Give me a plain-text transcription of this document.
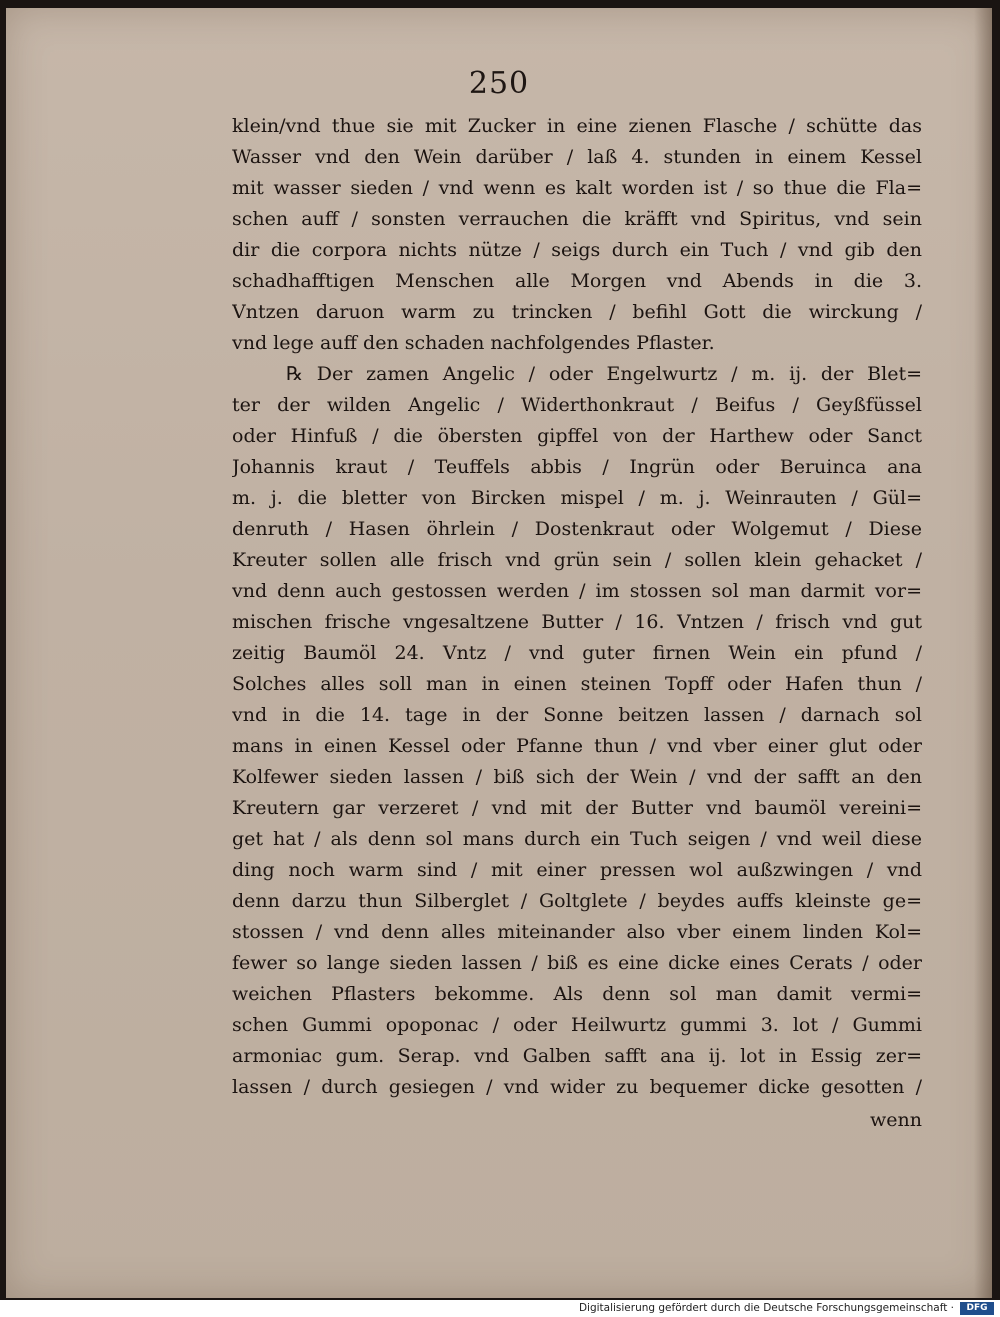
250
klein/vnd thue sie mit Zucker in eine zienen Flasche / schütte das
Wasser vnd den Wein darüber / laß 4. stunden in einem Kessel
mit wasser sieden / vnd wenn es kalt worden ist / so thue die Fla=
schen auff / sonsten verrauchen die kräfft vnd Spiritus, vnd sein
dir die corpora nichts nütze / seigs durch ein Tuch / vnd gib den
schadhafftigen Menschen alle Morgen vnd Abends in die 3.
Vntzen daruon warm zu trincken / befihl Gott die wirckung /
vnd lege auff den schaden nachfolgendes Pflaster.
℞ Der zamen Angelic / oder Engelwurtz / m. ij. der Blet=
ter der wilden Angelic / Widerthonkraut / Beifus / Geyßfüssel
oder Hinfuß / die öbersten gipffel von der Harthew oder Sanct
Johannis kraut / Teuffels abbis / Ingrün oder Beruinca ana
m. j. die bletter von Bircken mispel / m. j. Weinrauten / Gül=
denruth / Hasen öhrlein / Dostenkraut oder Wolgemut / Diese
Kreuter sollen alle frisch vnd grün sein / sollen klein gehacket /
vnd denn auch gestossen werden / im stossen sol man darmit vor=
mischen frische vngesaltzene Butter / 16. Vntzen / frisch vnd gut
zeitig Baumöl 24. Vntz / vnd guter firnen Wein ein pfund /
Solches alles soll man in einen steinen Topff oder Hafen thun /
vnd in die 14. tage in der Sonne beitzen lassen / darnach sol
mans in einen Kessel oder Pfanne thun / vnd vber einer glut oder
Kolfewer sieden lassen / biß sich der Wein / vnd der safft an den
Kreutern gar verzeret / vnd mit der Butter vnd baumöl vereini=
get hat / als denn sol mans durch ein Tuch seigen / vnd weil diese
ding noch warm sind / mit einer pressen wol außzwingen / vnd
denn darzu thun Silberglet / Goltglete / beydes auffs kleinste ge=
stossen / vnd denn alles miteinander also vber einem linden Kol=
fewer so lange sieden lassen / biß es eine dicke eines Cerats / oder
weichen Pflasters bekomme. Als denn sol man damit vermi=
schen Gummi opoponac / oder Heilwurtz gummi 3. lot / Gummi
armoniac gum. Serap. vnd Galben safft ana ij. lot in Essig zer=
lassen / durch gesiegen / vnd wider zu bequemer dicke gesotten /
wenn
Digitalisierung gefördert durch die Deutsche Forschungsgemeinschaft ·	DFG
